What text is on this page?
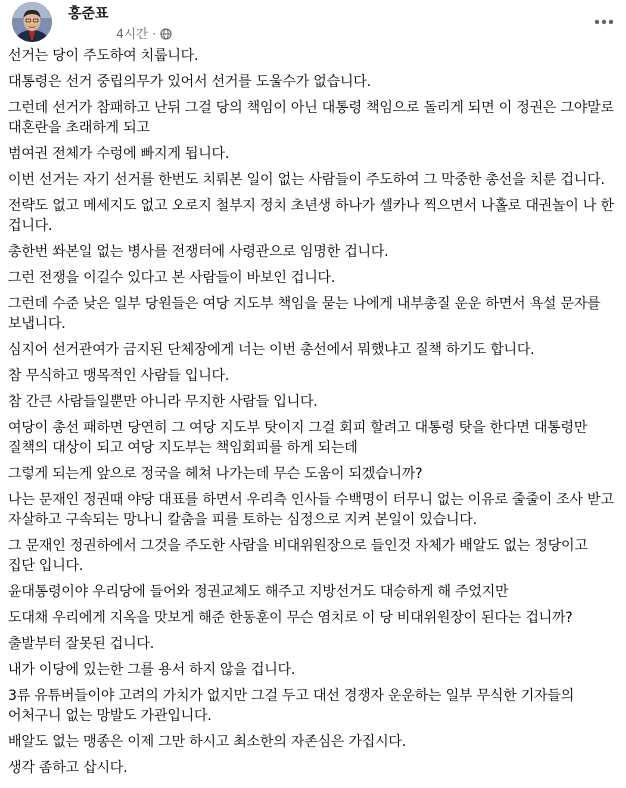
홍준표
4시간 ·

선거는 당이 주도하여 치룹니다.

대통령은 선거 중립의무가 있어서 선거를 도울수가 없습니다.

그런데 선거가 참패하고 난뒤 그걸 당의 책임이 아닌 대통령 책임으로 돌리게 되면 이 정권은 그야말로 대혼란을 초래하게 되고

범여권 전체가 수렁에 빠지게 됩니다.

이번 선거는 자기 선거를 한번도 치뤄본 일이 없는 사람들이 주도하여 그 막중한 총선을 치룬 겁니다.

전략도 없고 메세지도 없고 오로지 철부지 정치 초년생 하나가 셀카나 찍으면서 나홀로 대권놀이 나 한 겁니다.

총한번 쏴본일 없는 병사를 전쟁터에 사령관으로 임명한 겁니다.

그런 전쟁을 이길수 있다고 본 사람들이 바보인 겁니다.

그런데 수준 낮은 일부 당원들은 여당 지도부 책임을 묻는 나에게 내부총질 운운 하면서 욕설 문자를 보냅니다.

심지어 선거관여가 금지된 단체장에게 너는 이번 총선에서 뭐했냐고 질책 하기도 합니다.

참 무식하고 맹목적인 사람들 입니다.

참 간큰 사람들일뿐만 아니라 무지한 사람들 입니다.

여당이 총선 패하면 당연히 그 여당 지도부 탓이지 그걸 회피 할려고 대통령 탓을 한다면 대통령만 질책의 대상이 되고 여당 지도부는 책임회피를 하게 되는데

그렇게 되는게 앞으로 정국을 헤쳐 나가는데 무슨 도움이 되겠습니까?

나는 문재인 정권때 야당 대표를 하면서 우리측 인사들 수백명이 터무니 없는 이유로 줄줄이 조사 받고 자살하고 구속되는 망나니 칼춤을 피를 토하는 심정으로 지켜 본일이 있습니다.

그 문재인 정권하에서 그것을 주도한 사람을 비대위원장으로 들인것 자체가 배알도 없는 정당이고 집단 입니다.

윤대통령이야 우리당에 들어와 정권교체도 해주고 지방선거도 대승하게 해 주었지만

도대채 우리에게 지옥을 맛보게 해준 한동훈이 무슨 염치로 이 당 비대위원장이 된다는 겁니까?

출발부터 잘못된 겁니다.

내가 이당에 있는한 그를 용서 하지 않을 겁니다.

3류 유튜버들이야 고려의 가치가 없지만 그걸 두고 대선 경쟁자 운운하는 일부 무식한 기자들의 어처구니 없는 망발도 가관입니다.

배알도 없는 맹종은 이제 그만 하시고 최소한의 자존심은 가집시다.

생각 좀하고 삽시다.
